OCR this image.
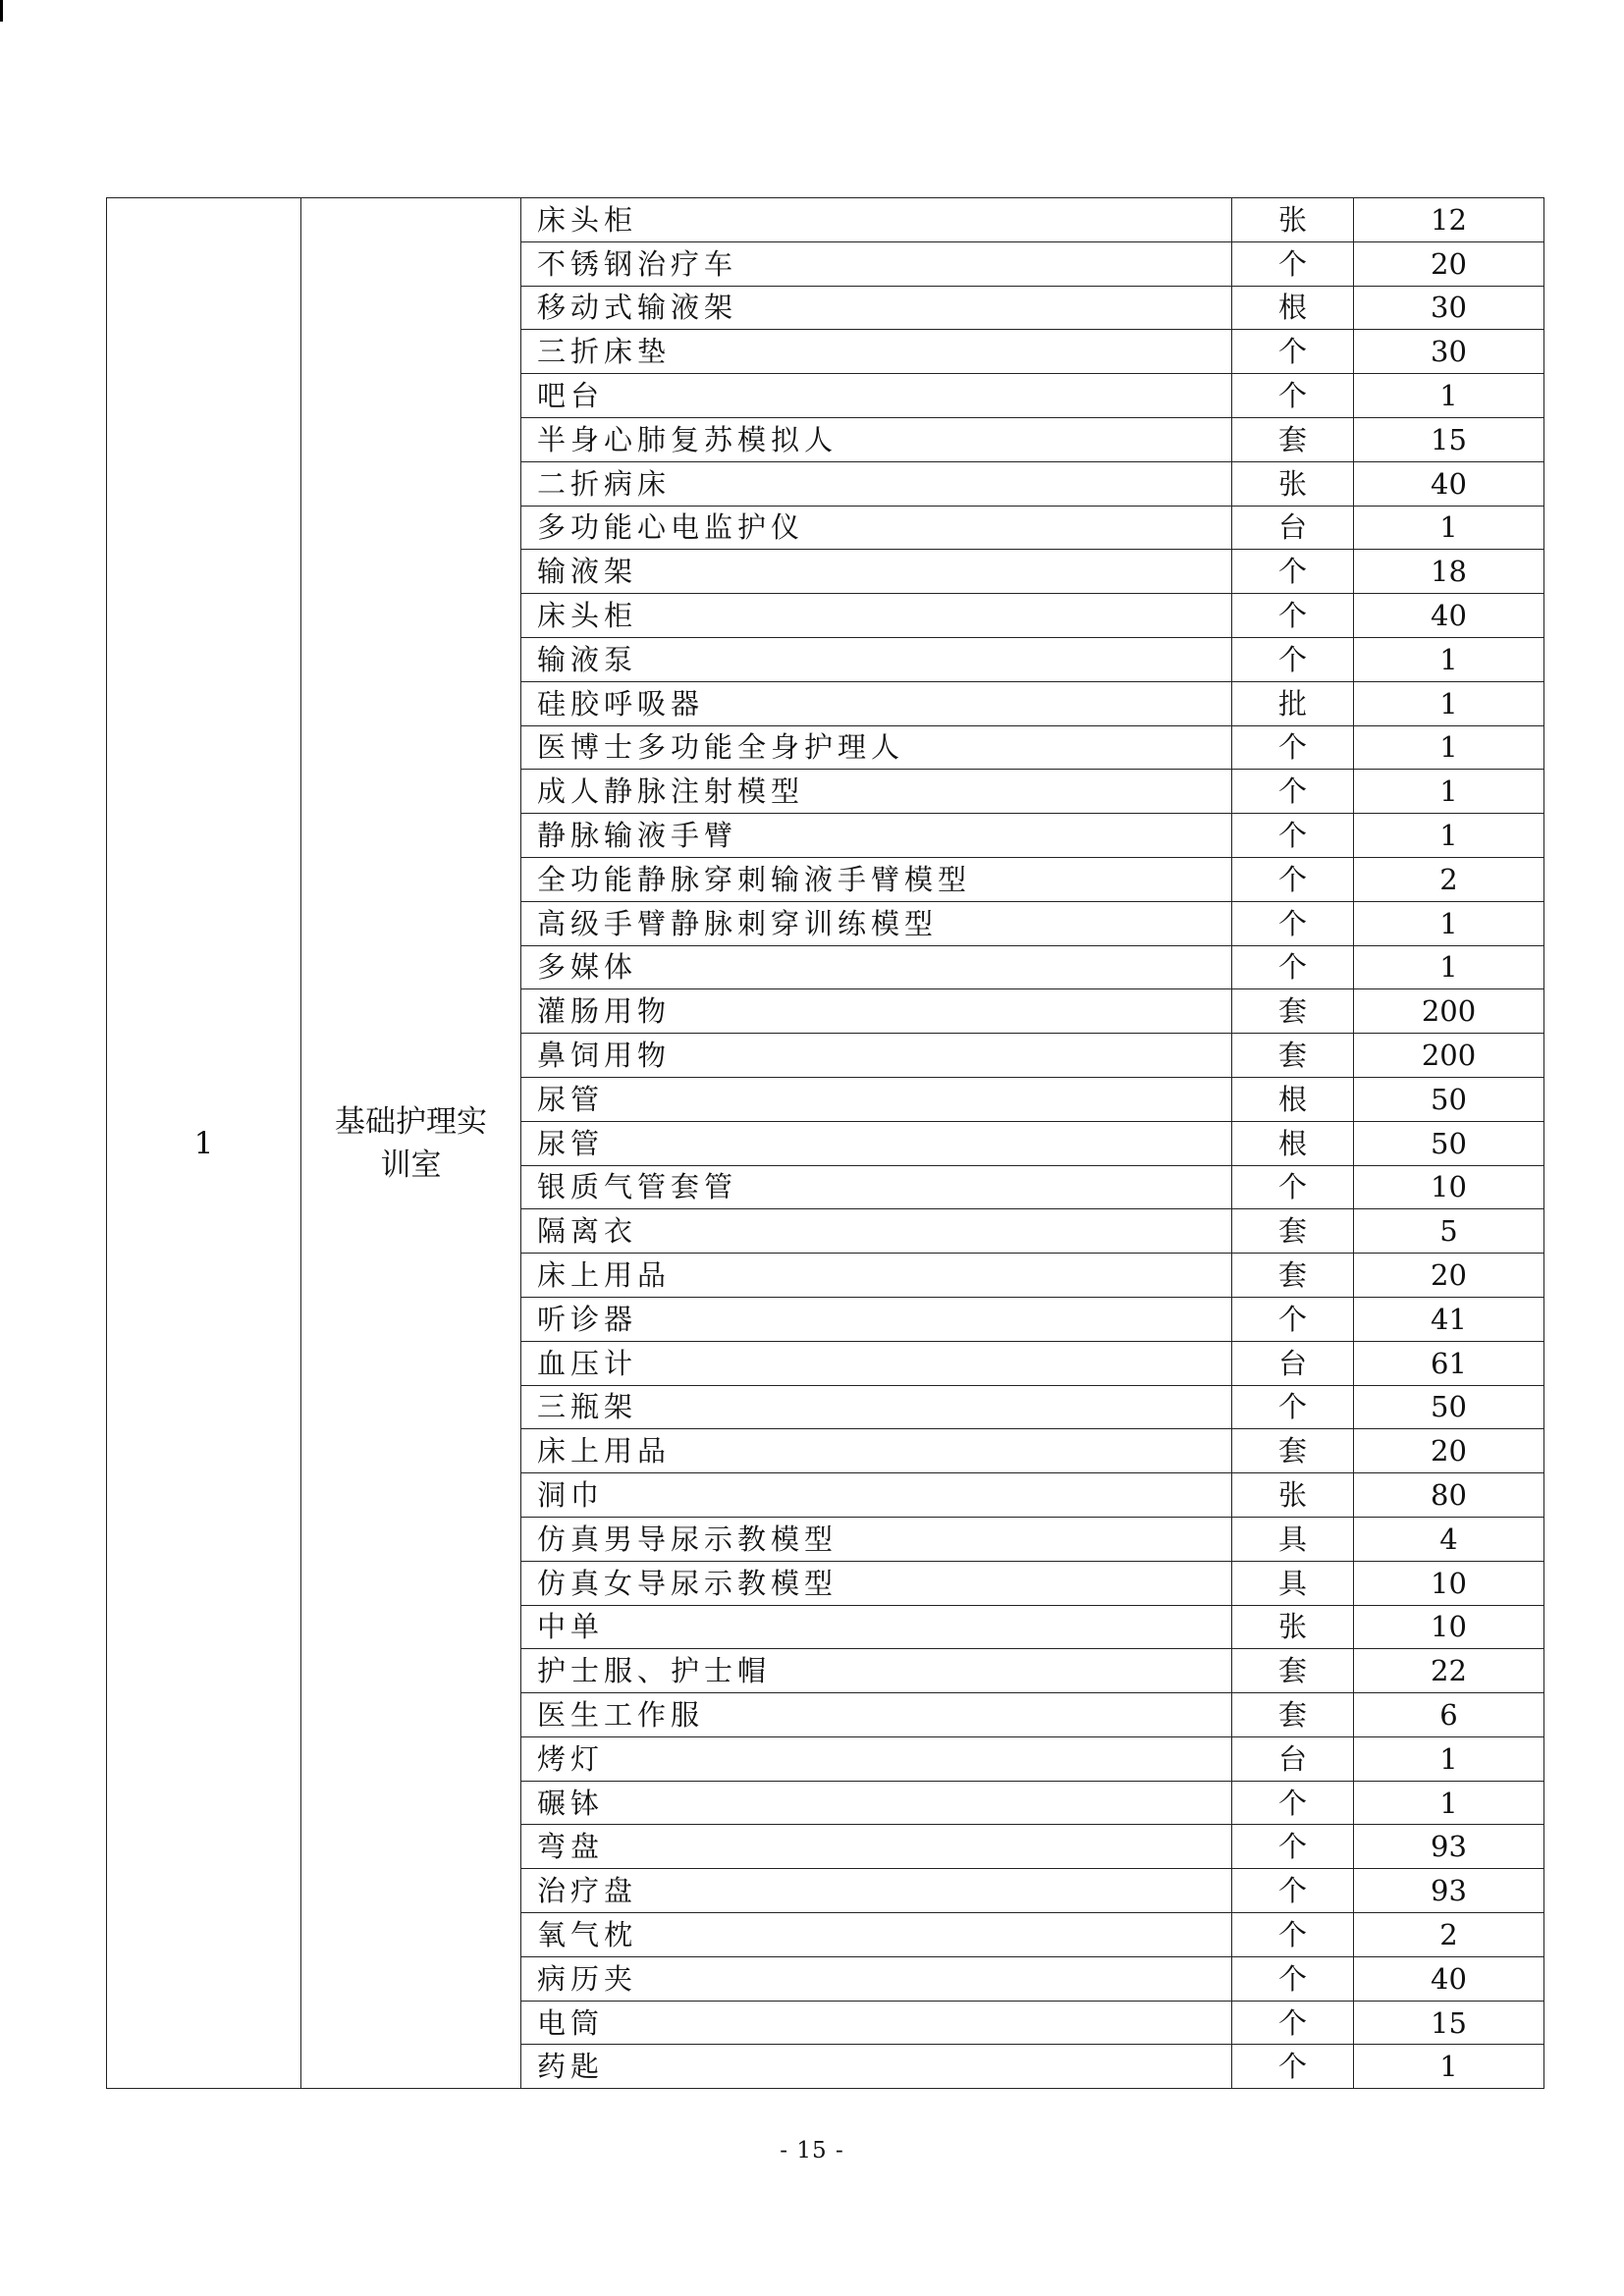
1	基础护理实训室	床头柜	张	12
		不锈钢治疗车	个	20
		移动式输液架	根	30
		三折床垫	个	30
		吧台	个	1
		半身心肺复苏模拟人	套	15
		二折病床	张	40
		多功能心电监护仪	台	1
		输液架	个	18
		床头柜	个	40
		输液泵	个	1
		硅胶呼吸器	批	1
		医博士多功能全身护理人	个	1
		成人静脉注射模型	个	1
		静脉输液手臂	个	1
		全功能静脉穿刺输液手臂模型	个	2
		高级手臂静脉刺穿训练模型	个	1
		多媒体	个	1
		灌肠用物	套	200
		鼻饲用物	套	200
		尿管	根	50
		尿管	根	50
		银质气管套管	个	10
		隔离衣	套	5
		床上用品	套	20
		听诊器	个	41
		血压计	台	61
		三瓶架	个	50
		床上用品	套	20
		洞巾	张	80
		仿真男导尿示教模型	具	4
		仿真女导尿示教模型	具	10
		中单	张	10
		护士服、护士帽	套	22
		医生工作服	套	6
		烤灯	台	1
		碾钵	个	1
		弯盘	个	93
		治疗盘	个	93
		氧气枕	个	2
		病历夹	个	40
		电筒	个	15
		药匙	个	1
- 15 -
